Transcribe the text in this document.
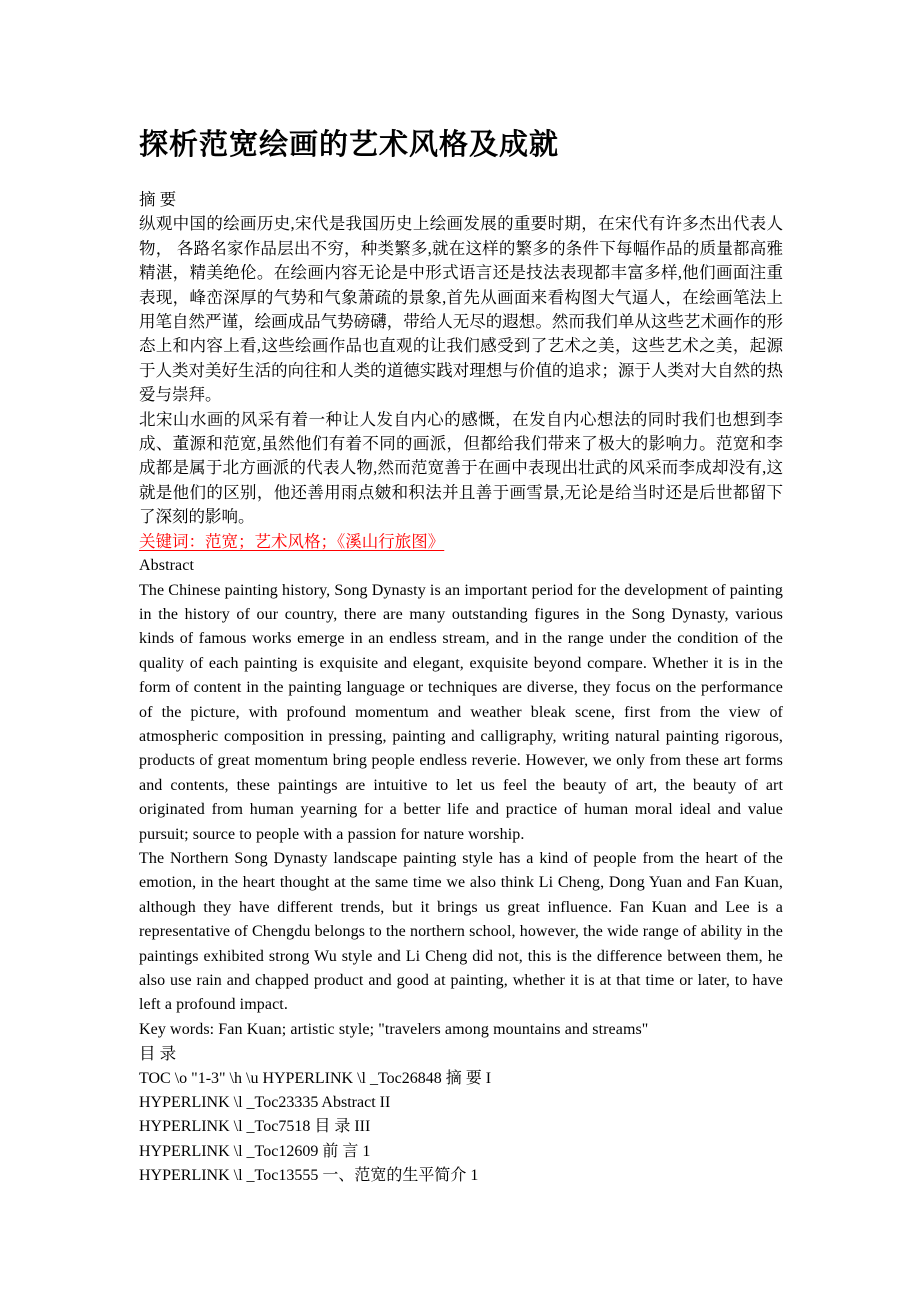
探析范宽绘画的艺术风格及成就
摘 要

纵观中国的绘画历史,宋代是我国历史上绘画发展的重要时期，在宋代有许多杰出代表人物， 各路名家作品层出不穷，种类繁多,就在这样的繁多的条件下每幅作品的质量都高雅精湛，精美绝伦。在绘画内容无论是中形式语言还是技法表现都丰富多样,他们画面注重表现，峰峦深厚的气势和气象萧疏的景象,首先从画面来看构图大气逼人，在绘画笔法上用笔自然严谨，绘画成品气势磅礴，带给人无尽的遐想。然而我们单从这些艺术画作的形态上和内容上看,这些绘画作品也直观的让我们感受到了艺术之美，这些艺术之美，起源于人类对美好生活的向往和人类的道德实践对理想与价值的追求；源于人类对大自然的热爱与崇拜。

北宋山水画的风采有着一种让人发自内心的感慨，在发自内心想法的同时我们也想到李成、董源和范宽,虽然他们有着不同的画派，但都给我们带来了极大的影响力。范宽和李成都是属于北方画派的代表人物,然而范宽善于在画中表现出壮武的风采而李成却没有,这就是他们的区别，他还善用雨点皴和积法并且善于画雪景,无论是给当时还是后世都留下了深刻的影响。

关键词：范宽；艺术风格；《溪山行旅图》
Abstract

The Chinese painting history, Song Dynasty is an important period for the development of painting in the history of our country, there are many outstanding figures in the Song Dynasty, various kinds of famous works emerge in an endless stream, and in the range under the condition of the quality of each painting is exquisite and elegant, exquisite beyond compare. Whether it is in the form of content in the painting language or techniques are diverse, they focus on the performance of the picture, with profound momentum and weather bleak scene, first from the view of atmospheric composition in pressing, painting and calligraphy, writing natural painting rigorous, products of great momentum bring people endless reverie. However, we only from these art forms and contents, these paintings are intuitive to let us feel the beauty of art, the beauty of art originated from human yearning for a better life and practice of human moral ideal and value pursuit; source to people with a passion for nature worship.

The Northern Song Dynasty landscape painting style has a kind of people from the heart of the emotion, in the heart thought at the same time we also think Li Cheng, Dong Yuan and Fan Kuan, although they have different trends, but it brings us great influence. Fan Kuan and Lee is a representative of Chengdu belongs to the northern school, however, the wide range of ability in the paintings exhibited strong Wu style and Li Cheng did not, this is the difference between them, he also use rain and chapped product and good at painting, whether it is at that time or later, to have left a profound impact.

Key words: Fan Kuan; artistic style; "travelers among mountains and streams"
目 录
TOC \o "1-3" \h \u HYPERLINK \l _Toc26848 摘 要 I
HYPERLINK \l _Toc23335 Abstract II
HYPERLINK \l _Toc7518 目 录 III
HYPERLINK \l _Toc12609 前 言 1
HYPERLINK \l _Toc13555 一、范宽的生平简介 1
